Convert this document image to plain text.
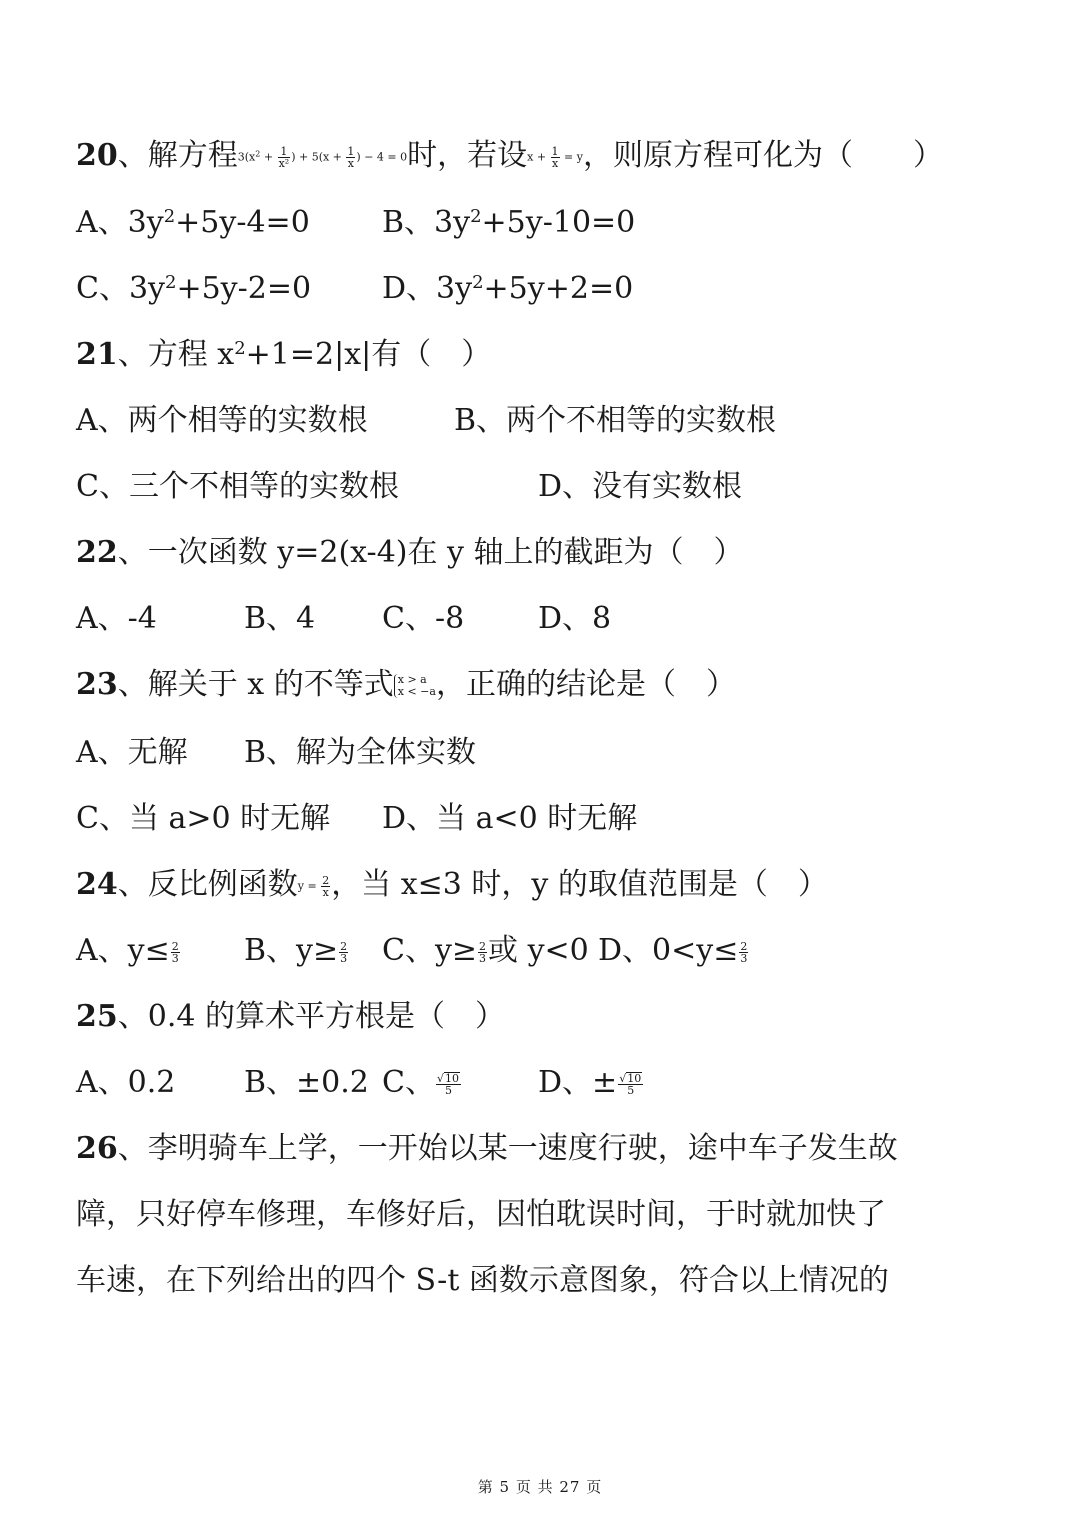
20、解方程$3(x^2 + \frac{1}{\text{x²}}$ ) + $5(x + \frac{1}{x}$ ) − 4 = 0时，若设$x + \frac{1}{x} = y$，则原方程可化为（　　）
A、$3y^2+5y-4=0$ B、$3y^2+5y-10=0$
C、$3y^2+5y-2=0$ D、$3y^2+5y+2=0$
21、方程 $x^2+1=2|x|$有（　）
A、两个相等的实数根	B、两个不相等的实数根
C、三个不相等的实数根	D、没有实数根
22、一次函数 y=2(x-4)在 y 轴上的截距为（　）
A、-4	B、4 C、-8 D、8
23、解关于 x 的不等式 x > a
x < −a ，正确的结论是（　）
A、无解 B、解为全体实数
C、当 a>0 时无解 D、当 a<0 时无解
24、反比例函数$y = \frac{2}{x}$ ，当 x≤3 时，y 的取值范围是（　）
A、$y\le \frac{2}{3}$ B、$y\ge \frac{2}{3}$ C、$y\ge \frac{2}{3}$ 或 y<0 D、$0<y\le \frac{2}{3}$
25、0.4 的算术平方根是（　）
A、0.2 B、±0.2 C、 $\frac{√10}{5}$	D、± $\frac{√10}{5}$
26、李明骑车上学，一开始以某一速度行驶，途中车子发生故
障，只好停车修理，车修好后，因怕耽误时间，于时就加快了
车速，在下列给出的四个 S-t 函数示意图象，符合以上情况的
第 5 页 共 27 页
